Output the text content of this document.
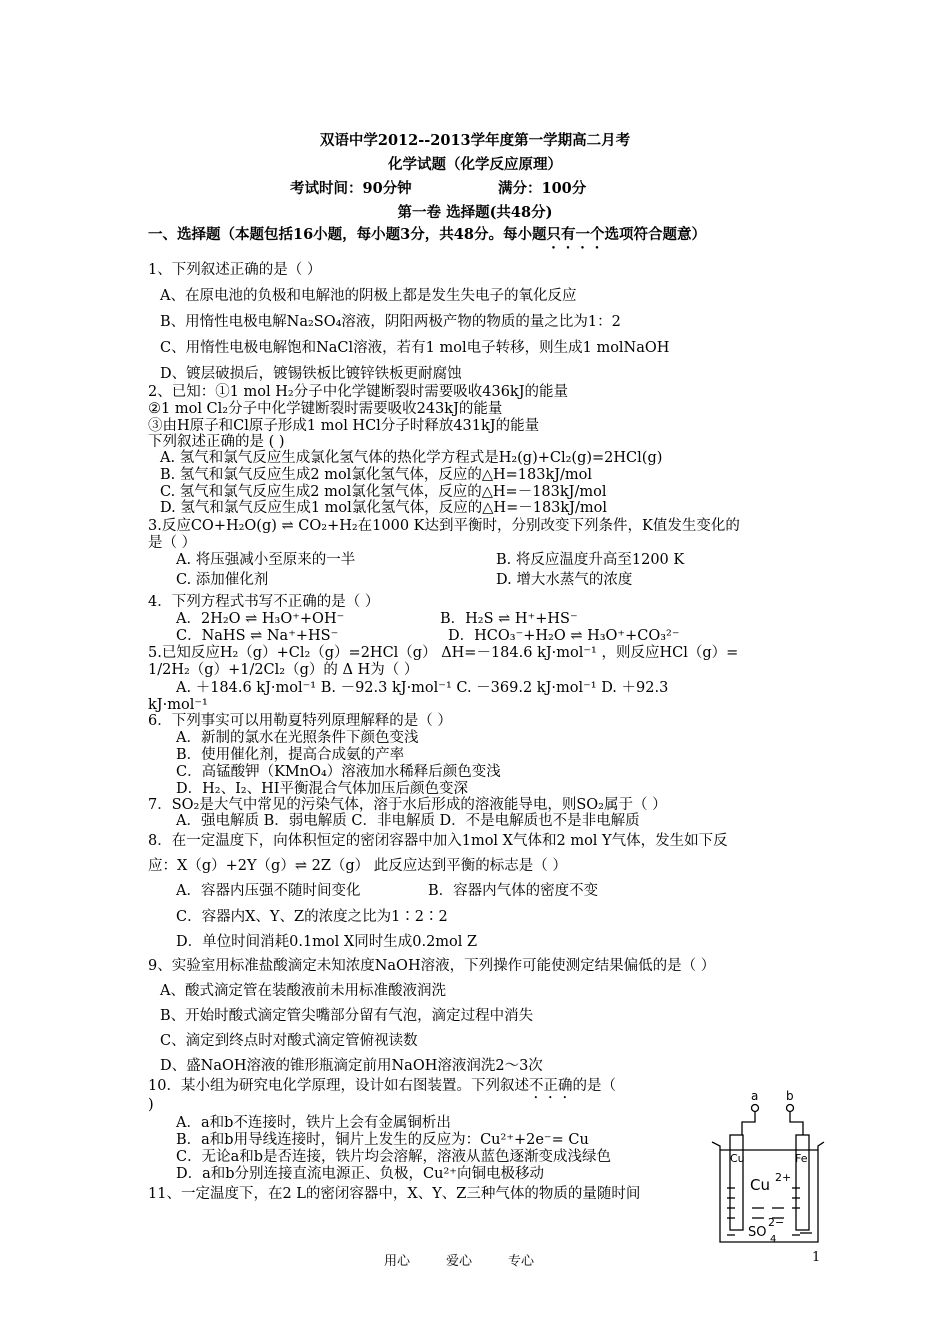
双语中学2012--2013学年度第一学期高二月考
化学试题（化学反应原理）
考试时间：90分钟	满分：100分
第一卷 选择题(共48分)
一、选择题（本题包括16小题，每小题3分，共48分。每小题只有一个选项符合题意）
1、下列叙述正确的是（ ）
A、在原电池的负极和电解池的阴极上都是发生失电子的氧化反应
B、用惰性电极电解Na₂SO₄溶液，阴阳两极产物的物质的量之比为1：2
C、用惰性电极电解饱和NaCl溶液，若有1 mol电子转移，则生成1 molNaOH
D、镀层破损后，镀锡铁板比镀锌铁板更耐腐蚀
2、已知：①1 mol H₂分子中化学键断裂时需要吸收436kJ的能量
②1 mol Cl₂分子中化学键断裂时需要吸收243kJ的能量
③由H原子和Cl原子形成1 mol HCl分子时释放431kJ的能量
下列叙述正确的是 ( )
A. 氢气和氯气反应生成氯化氢气体的热化学方程式是H₂(g)+Cl₂(g)=2HCl(g)
B. 氢气和氯气反应生成2 mol氯化氢气体，反应的△H=183kJ/mol
C. 氢气和氯气反应生成2 mol氯化氢气体，反应的△H=－183kJ/mol
D. 氢气和氯气反应生成1 mol氯化氢气体，反应的△H=－183kJ/mol
3.反应CO+H₂O(g) ⇌ CO₂+H₂在1000 K达到平衡时，分别改变下列条件，K值发生变化的
是（ ）
A. 将压强减小至原来的一半	B. 将反应温度升高至1200 K
C. 添加催化剂	D. 增大水蒸气的浓度
4．下列方程式书写不正确的是（ ）
A．2H₂O ⇌ H₃O⁺+OH⁻	B．H₂S ⇌ H⁺+HS⁻
C．NaHS ⇌ Na⁺+HS⁻	D．HCO₃⁻+H₂O ⇌ H₃O⁺+CO₃²⁻
5.已知反应H₂（g）+Cl₂（g）=2HCl（g） ΔH=－184.6 kJ·mol⁻¹ ，则反应HCl（g）=
1/2H₂（g）+1/2Cl₂（g）的 Δ H为（ ）
A. ＋184.6 kJ·mol⁻¹ B. －92.3 kJ·mol⁻¹ C. －369.2 kJ·mol⁻¹ D. ＋92.3
kJ·mol⁻¹
6．下列事实可以用勒夏特列原理解释的是（ ）
A．新制的氯水在光照条件下颜色变浅
B．使用催化剂，提高合成氨的产率
C．高锰酸钾（KMnO₄）溶液加水稀释后颜色变浅
D．H₂、I₂、HI平衡混合气体加压后颜色变深
7．SO₂是大气中常见的污染气体，溶于水后形成的溶液能导电，则SO₂属于（ ）
A．强电解质 B．弱电解质 C．非电解质 D．不是电解质也不是非电解质
8．在一定温度下，向体积恒定的密闭容器中加入1mol X气体和2 mol Y气体，发生如下反
应：X（g）+2Y（g）⇌ 2Z（g） 此反应达到平衡的标志是（ ）
A．容器内压强不随时间变化	B．容器内气体的密度不变
C．容器内X、Y、Z的浓度之比为1∶2∶2
D．单位时间消耗0.1mol X同时生成0.2mol Z
9、实验室用标准盐酸滴定未知浓度NaOH溶液，下列操作可能使测定结果偏低的是（ ）
A、酸式滴定管在装酸液前未用标准酸液润洗
B、开始时酸式滴定管尖嘴部分留有气泡，滴定过程中消失
C、滴定到终点时对酸式滴定管俯视读数
D、盛NaOH溶液的锥形瓶滴定前用NaOH溶液润洗2～3次
10．某小组为研究电化学原理，设计如右图装置。下列叙述不正确的是（
)
A．a和b不连接时，铁片上会有金属铜析出
B．a和b用导线连接时，铜片上发生的反应为：Cu²⁺+2e⁻= Cu
C．无论a和b是否连接，铁片均会溶解，溶液从蓝色逐渐变成浅绿色
D．a和b分别连接直流电源正、负极，Cu²⁺向铜电极移动
11、一定温度下，在2 L的密闭容器中，X、Y、Z三种气体的物质的量随时间
a b
Cu	Fe
Cu 2+
SO 4
2−
用心	爱心	专心	1
